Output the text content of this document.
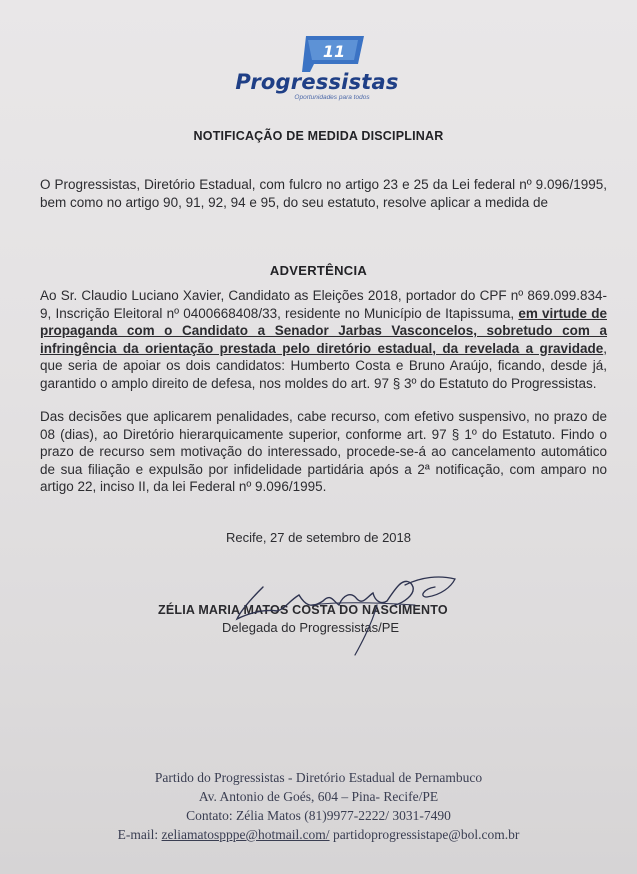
11
Progressistas
Oportunidades para todos
NOTIFICAÇÃO DE MEDIDA DISCIPLINAR
O Progressistas, Diretório Estadual, com fulcro no artigo 23 e 25 da Lei federal nº 9.096/1995, bem como no artigo 90, 91, 92, 94 e 95, do seu estatuto, resolve aplicar a medida de
ADVERTÊNCIA
Ao Sr. Claudio Luciano Xavier, Candidato as Eleições 2018, portador do CPF nº 869.099.834-9, Inscrição Eleitoral nº 0400668408/33, residente no Município de Itapissuma, em virtude de propaganda com o Candidato a Senador Jarbas Vasconcelos, sobretudo com a infringência da orientação prestada pelo diretório estadual, da revelada a gravidade, que seria de apoiar os dois candidatos: Humberto Costa e Bruno Araújo, ficando, desde já, garantido o amplo direito de defesa, nos moldes do art. 97 § 3º do Estatuto do Progressistas.
Das decisões que aplicarem penalidades, cabe recurso, com efetivo suspensivo, no prazo de 08 (dias), ao Diretório hierarquicamente superior, conforme art. 97 § 1º do Estatuto. Findo o prazo de recurso sem motivação do interessado, procede-se-á ao cancelamento automático de sua filiação e expulsão por infidelidade partidária após a 2ª notificação, com amparo no artigo 22, inciso II, da lei Federal nº 9.096/1995.
Recife, 27 de setembro de 2018
ZÉLIA MARIA MATOS COSTA DO NASCIMENTO
Delegada do Progressistas/PE
Partido do Progressistas - Diretório Estadual de Pernambuco
Av. Antonio de Goés, 604 – Pina- Recife/PE
Contato: Zélia Matos (81)9977-2222/ 3031-7490
E-mail: zeliamatospppe@hotmail.com/ partidoprogressistape@bol.com.br
